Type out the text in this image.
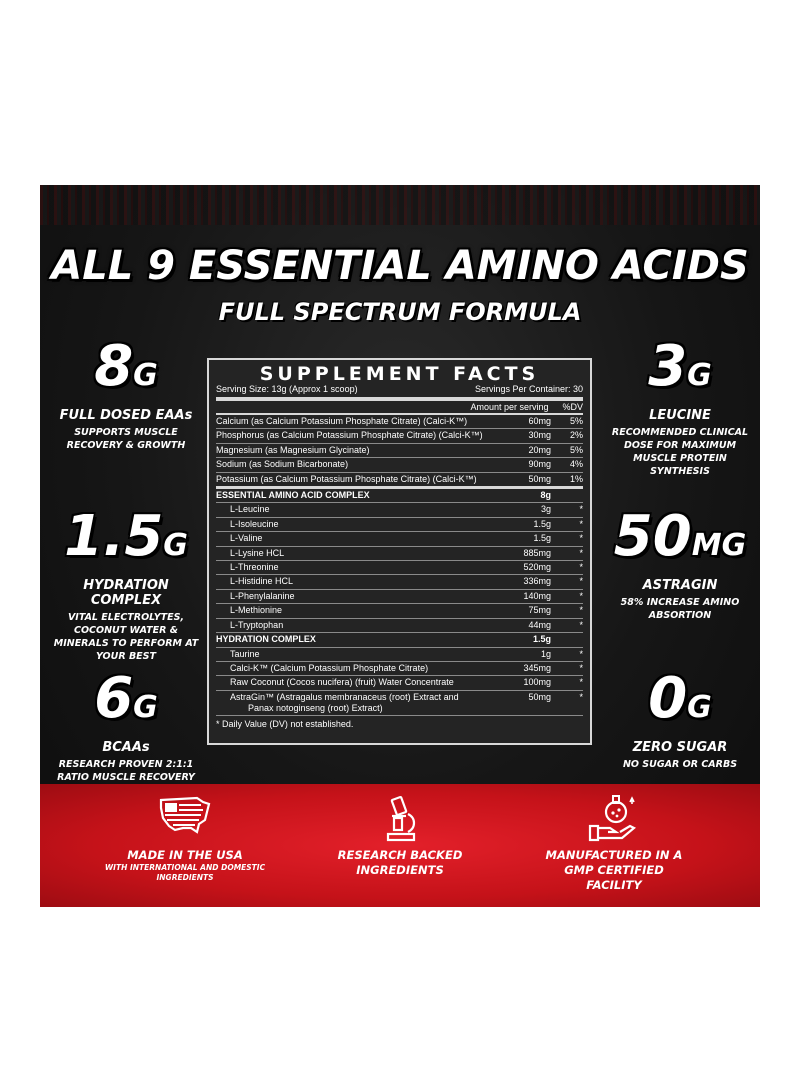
ALL 9 ESSENTIAL AMINO ACIDS
FULL SPECTRUM FORMULA
8G
FULL DOSED EAAs
SUPPORTS MUSCLE RECOVERY & GROWTH
1.5G
HYDRATION COMPLEX
VITAL ELECTROLYTES, COCONUT WATER & MINERALS TO PERFORM AT YOUR BEST
6G
BCAAs
RESEARCH PROVEN 2:1:1 RATIO MUSCLE RECOVERY
3G
LEUCINE
RECOMMENDED CLINICAL DOSE FOR MAXIMUM MUSCLE PROTEIN SYNTHESIS
50MG
ASTRAGIN
58% INCREASE AMINO ABSORTION
0G
ZERO SUGAR
NO SUGAR OR CARBS
SUPPLEMENT FACTS
Serving Size: 13g (Approx 1 scoop)	Servings Per Container: 30
Amount per serving %DV
Calcium (as Calcium Potassium Phosphate Citrate) (Calci-K™)	60mg	5%
Phosphorus (as Calcium Potassium Phosphate Citrate) (Calci-K™)	30mg	2%
Magnesium (as Magnesium Glycinate)	20mg	5%
Sodium (as Sodium Bicarbonate)	90mg	4%
Potassium (as Calcium Potassium Phosphate Citrate) (Calci-K™)	50mg	1%
ESSENTIAL AMINO ACID COMPLEX	8g
L-Leucine	3g	*
L-Isoleucine	1.5g	*
L-Valine	1.5g	*
L-Lysine HCL	885mg	*
L-Threonine	520mg	*
L-Histidine HCL	336mg	*
L-Phenylalanine	140mg	*
L-Methionine	75mg	*
L-Tryptophan	44mg	*
HYDRATION COMPLEX	1.5g
Taurine	1g	*
Calci-K™ (Calcium Potassium Phosphate Citrate)	345mg	*
Raw Coconut (Cocos nucifera) (fruit) Water Concentrate	100mg	*
AstraGin™ (Astragalus membranaceus (root) Extract and
Panax notoginseng (root) Extract)
50mg	*
* Daily Value (DV) not established.
MADE IN THE USA
WITH INTERNATIONAL AND DOMESTIC INGREDIENTS
RESEARCH BACKED INGREDIENTS
MANUFACTURED IN A GMP CERTIFIED FACILITY
